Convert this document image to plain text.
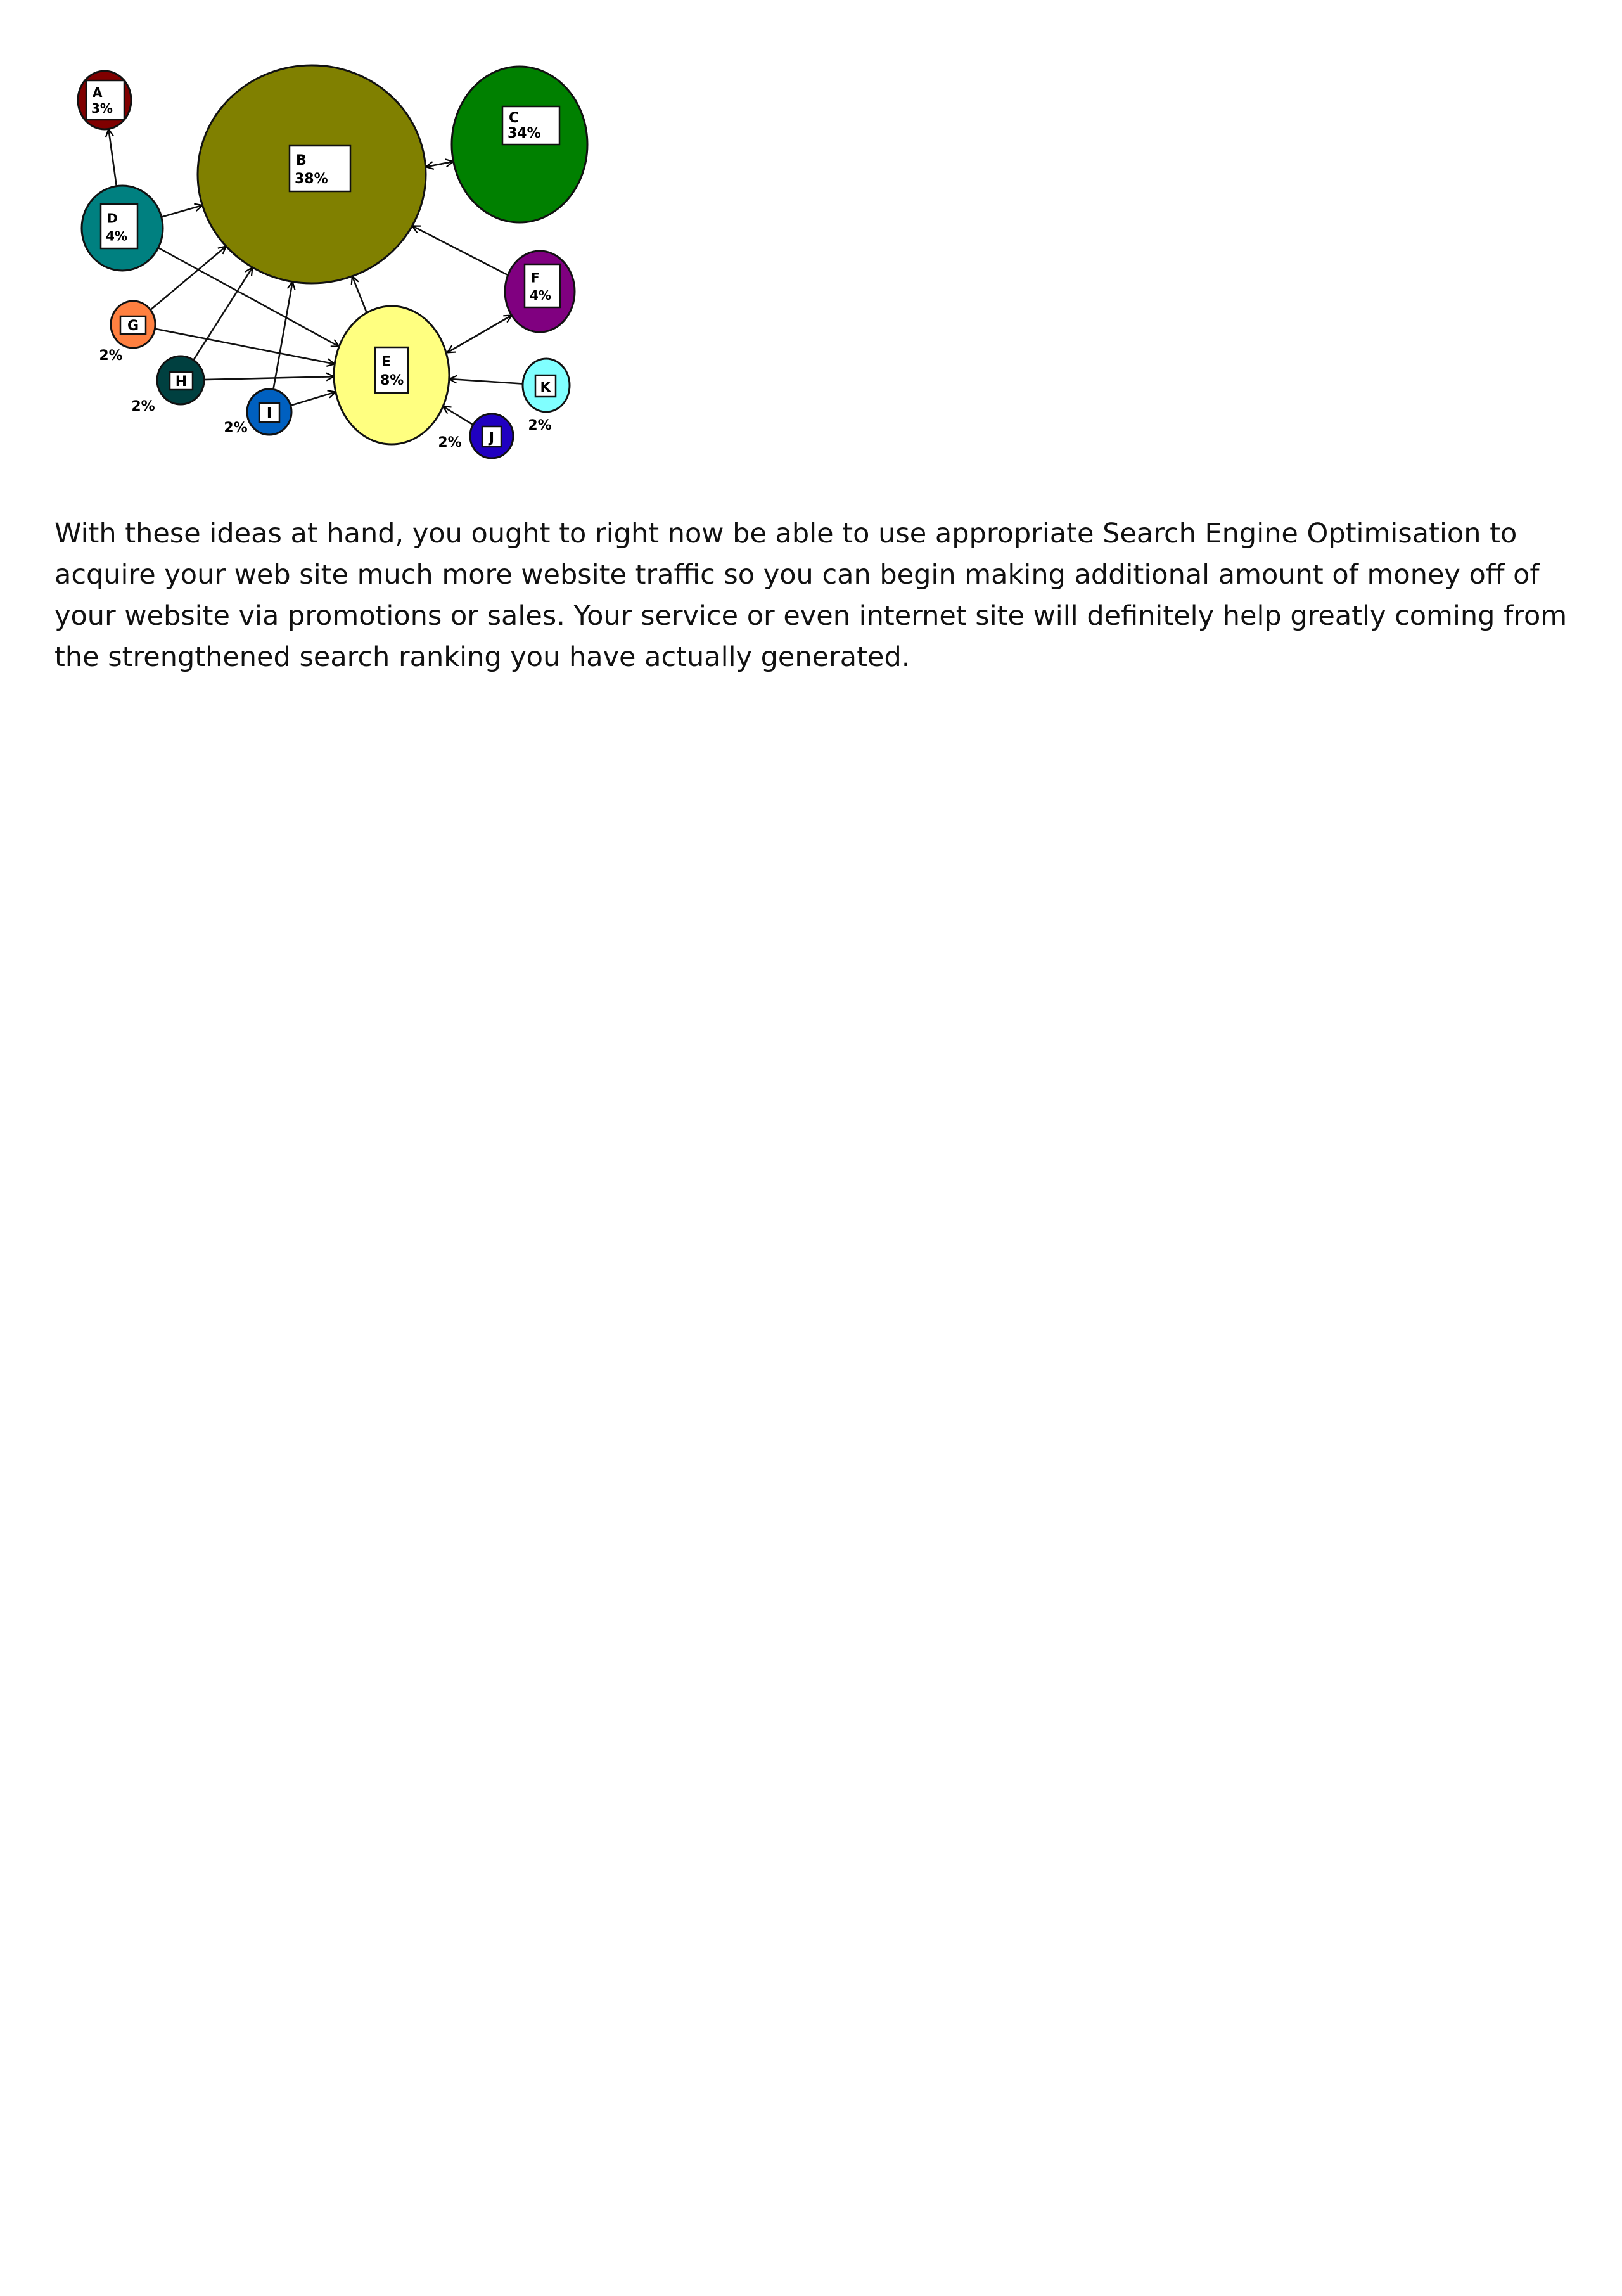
A
3%
B
38%
C
34%
D
4%
E
8%
F
4%
G
2%
H
2%	I
2%
J
2%
K
2%

With these ideas at hand, you ought to right now be able to use appropriate Search Engine Optimisation to acquire your web site much more website traffic so you can begin making additional amount of money off of your website via promotions or sales. Your service or even internet site will definitely help greatly coming from the strengthened search ranking you have actually generated.
